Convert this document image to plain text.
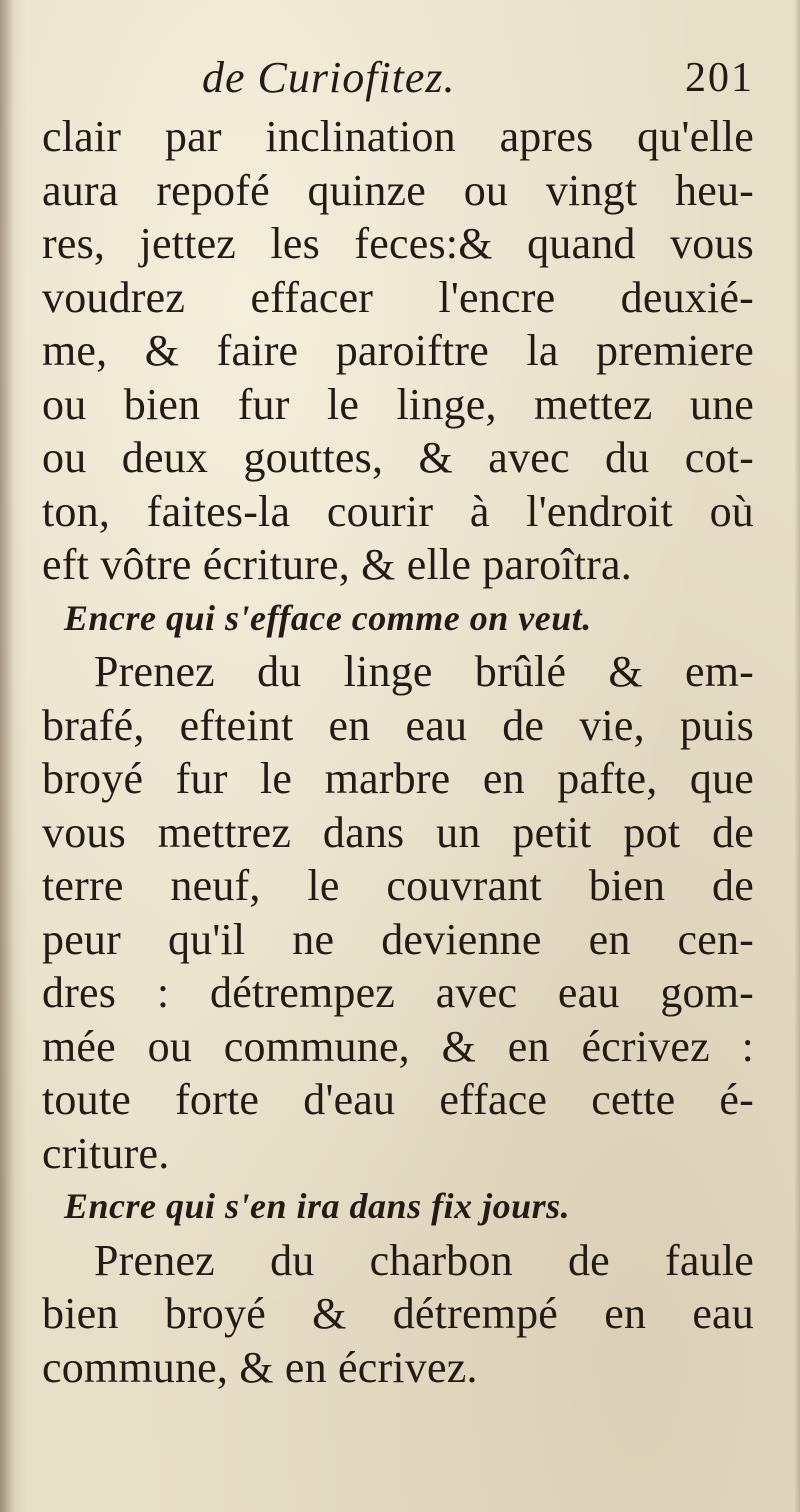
de Curiofitez.	201
clair par inclination apres qu'elle
aura repofé quinze ou vingt heu-
res, jettez les feces:& quand vous
voudrez effacer l'encre deuxié-
me, & faire paroiftre la premiere
ou bien fur le linge, mettez une
ou deux gouttes, & avec du cot-
ton, faites-la courir à l'endroit où
eft vôtre écriture, & elle paroîtra.
Encre qui s'efface comme on veut.
Prenez du linge brûlé & em-
brafé, efteint en eau de vie, puis
broyé fur le marbre en pafte, que
vous mettrez dans un petit pot de
terre neuf, le couvrant bien de
peur qu'il ne devienne en cen-
dres : détrempez avec eau gom-
mée ou commune, & en écrivez :
toute forte d'eau efface cette é-
criture.
Encre qui s'en ira dans fix jours.
Prenez du charbon de faule
bien broyé & détrempé en eau
commune, & en écrivez.
